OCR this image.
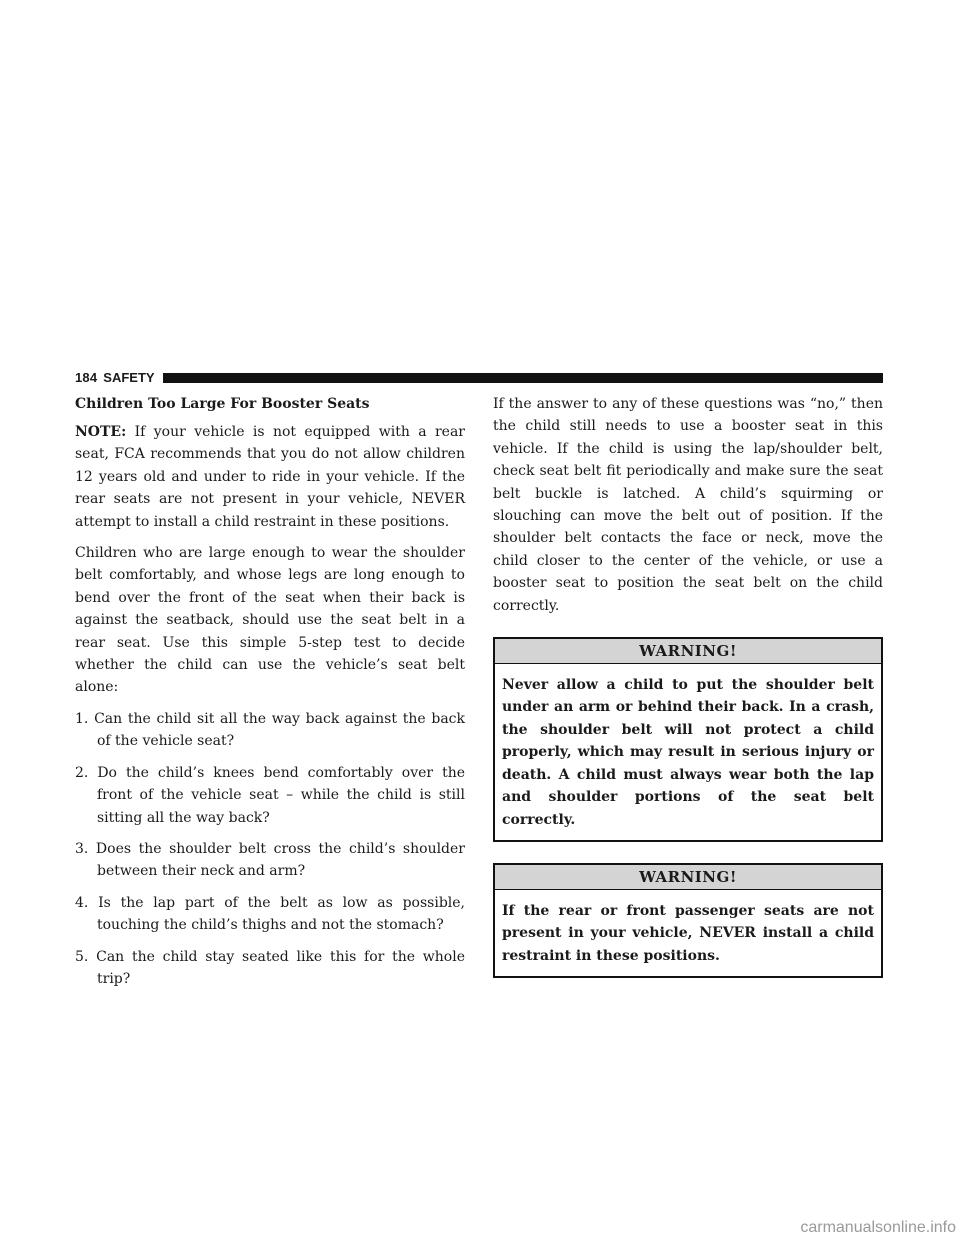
184 SAFETY
Children Too Large For Booster Seats

NOTE: If your vehicle is not equipped with a rear seat, FCA recommends that you do not allow children 12 years old and under to ride in your vehicle. If the rear seats are not present in your vehicle, NEVER attempt to install a child restraint in these positions.

Children who are large enough to wear the shoulder belt comfortably, and whose legs are long enough to bend over the front of the seat when their back is against the seatback, should use the seat belt in a rear seat. Use this simple 5-step test to decide whether the child can use the vehicle’s seat belt alone:

1. Can the child sit all the way back against the back of the vehicle seat?
2. Do the child’s knees bend comfortably over the front of the vehicle seat – while the child is still sitting all the way back?
3. Does the shoulder belt cross the child’s shoulder between their neck and arm?
4. Is the lap part of the belt as low as possible, touching the child’s thighs and not the stomach?
5. Can the child stay seated like this for the whole trip?

If the answer to any of these questions was “no,” then the child still needs to use a booster seat in this vehicle. If the child is using the lap/shoulder belt, check seat belt fit periodically and make sure the seat belt buckle is latched. A child’s squirming or slouching can move the belt out of position. If the shoulder belt contacts the face or neck, move the child closer to the center of the vehicle, or use a booster seat to position the seat belt on the child correctly.

WARNING!
Never allow a child to put the shoulder belt under an arm or behind their back. In a crash, the shoulder belt will not protect a child properly, which may result in serious injury or death. A child must always wear both the lap and shoulder portions of the seat belt correctly.
WARNING!
If the rear or front passenger seats are not present in your vehicle, NEVER install a child restraint in these positions.
carmanualsonline.info
